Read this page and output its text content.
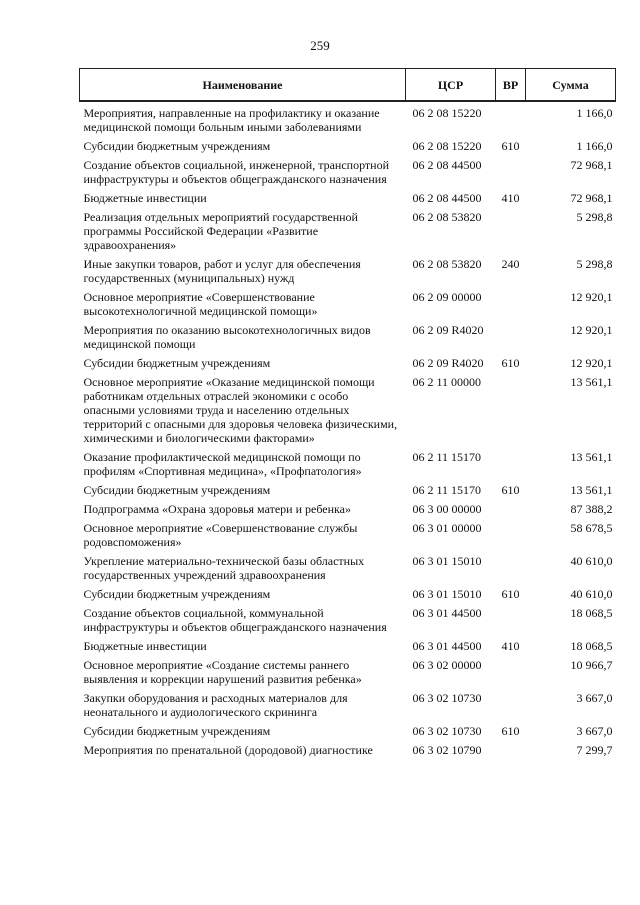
259
Наименование	ЦСР	ВР	Сумма
Мероприятия, направленные на профилактику и оказание медицинской помощи больным иными заболеваниями	06 2 08 15220		1 166,0
Субсидии бюджетным учреждениям	06 2 08 15220	610	1 166,0
Создание объектов социальной, инженерной, транспортной инфраструктуры и объектов общегражданского назначения	06 2 08 44500		72 968,1
Бюджетные инвестиции	06 2 08 44500	410	72 968,1
Реализация отдельных мероприятий государственной программы Российской Федерации «Развитие здравоохранения»	06 2 08 53820		5 298,8
Иные закупки товаров, работ и услуг для обеспечения государственных (муниципальных) нужд	06 2 08 53820	240	5 298,8
Основное мероприятие «Совершенствование высокотехнологичной медицинской помощи»	06 2 09 00000		12 920,1
Мероприятия по оказанию высокотехнологичных видов медицинской помощи	06 2 09 R4020		12 920,1
Субсидии бюджетным учреждениям	06 2 09 R4020	610	12 920,1
Основное мероприятие «Оказание медицинской помощи работникам отдельных отраслей экономики с особо опасными условиями труда и населению отдельных территорий с опасными для здоровья человека физическими, химическими и биологическими факторами»	06 2 11 00000		13 561,1
Оказание профилактической медицинской помощи по профилям «Спортивная медицина», «Профпатология»	06 2 11 15170		13 561,1
Субсидии бюджетным учреждениям	06 2 11 15170	610	13 561,1
Подпрограмма «Охрана здоровья матери и ребенка»	06 3 00 00000		87 388,2
Основное мероприятие «Совершенствование службы родовспоможения»	06 3 01 00000		58 678,5
Укрепление материально-технической базы областных государственных учреждений здравоохранения	06 3 01 15010		40 610,0
Субсидии бюджетным учреждениям	06 3 01 15010	610	40 610,0
Создание объектов социальной, коммунальной инфраструктуры и объектов общегражданского назначения	06 3 01 44500		18 068,5
Бюджетные инвестиции	06 3 01 44500	410	18 068,5
Основное мероприятие «Создание системы раннего выявления и коррекции нарушений развития ребенка»	06 3 02 00000		10 966,7
Закупки оборудования и расходных материалов для неонатального и аудиологического скрининга	06 3 02 10730		3 667,0
Субсидии бюджетным учреждениям	06 3 02 10730	610	3 667,0
Мероприятия по пренатальной (дородовой) диагностике	06 3 02 10790		7 299,7
